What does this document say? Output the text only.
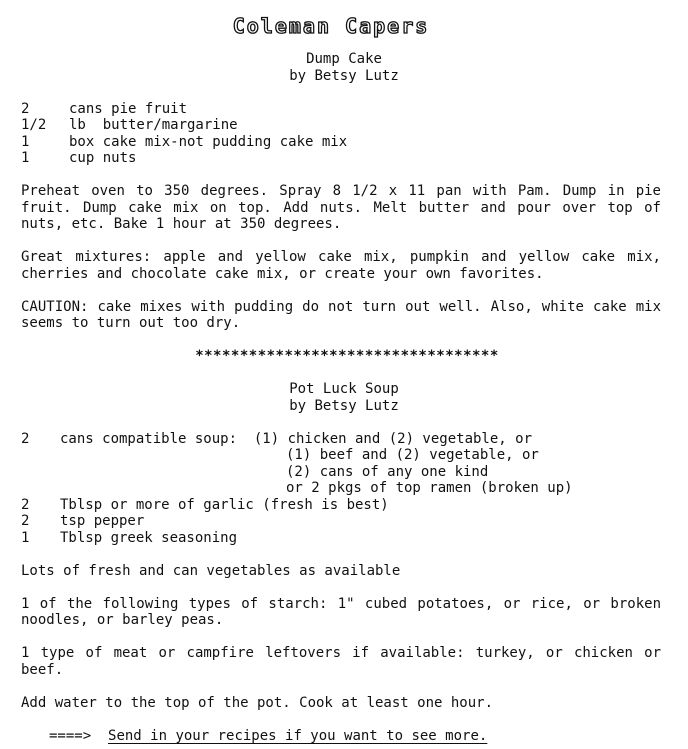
Coleman Capers
Dump Cake
by Betsy Lutz
2	cans pie fruit
1/2	lb  butter/margarine
1	box cake mix-not pudding cake mix
1	cup nuts
Preheat oven to 350 degrees. Spray 8 1/2 x 11 pan with Pam. Dump in pie fruit. Dump cake mix on top. Add nuts. Melt butter and pour over top of nuts, etc. Bake 1 hour at 350 degrees.
Great mixtures: apple and yellow cake mix, pumpkin and yellow cake mix, cherries and chocolate cake mix, or create your own favorites.
CAUTION: cake mixes with pudding do not turn out well. Also, white cake mix seems to turn out too dry.
**********************************
Pot Luck Soup
by Betsy Lutz
2	cans compatible soup:  (1) chicken and (2) vegetable, or
(1) beef and (2) vegetable, or
(2) cans of any one kind
or 2 pkgs of top ramen (broken up)
2	Tblsp or more of garlic (fresh is best)
2	tsp pepper
1	Tblsp greek seasoning
Lots of fresh and can vegetables as available
1 of the following types of starch: 1" cubed potatoes, or rice, or broken noodles, or barley peas.
1 type of meat or campfire leftovers if available: turkey, or chicken or beef.
Add water to the top of the pot. Cook at least one hour.
====> Send in your recipes if you want to see more.
